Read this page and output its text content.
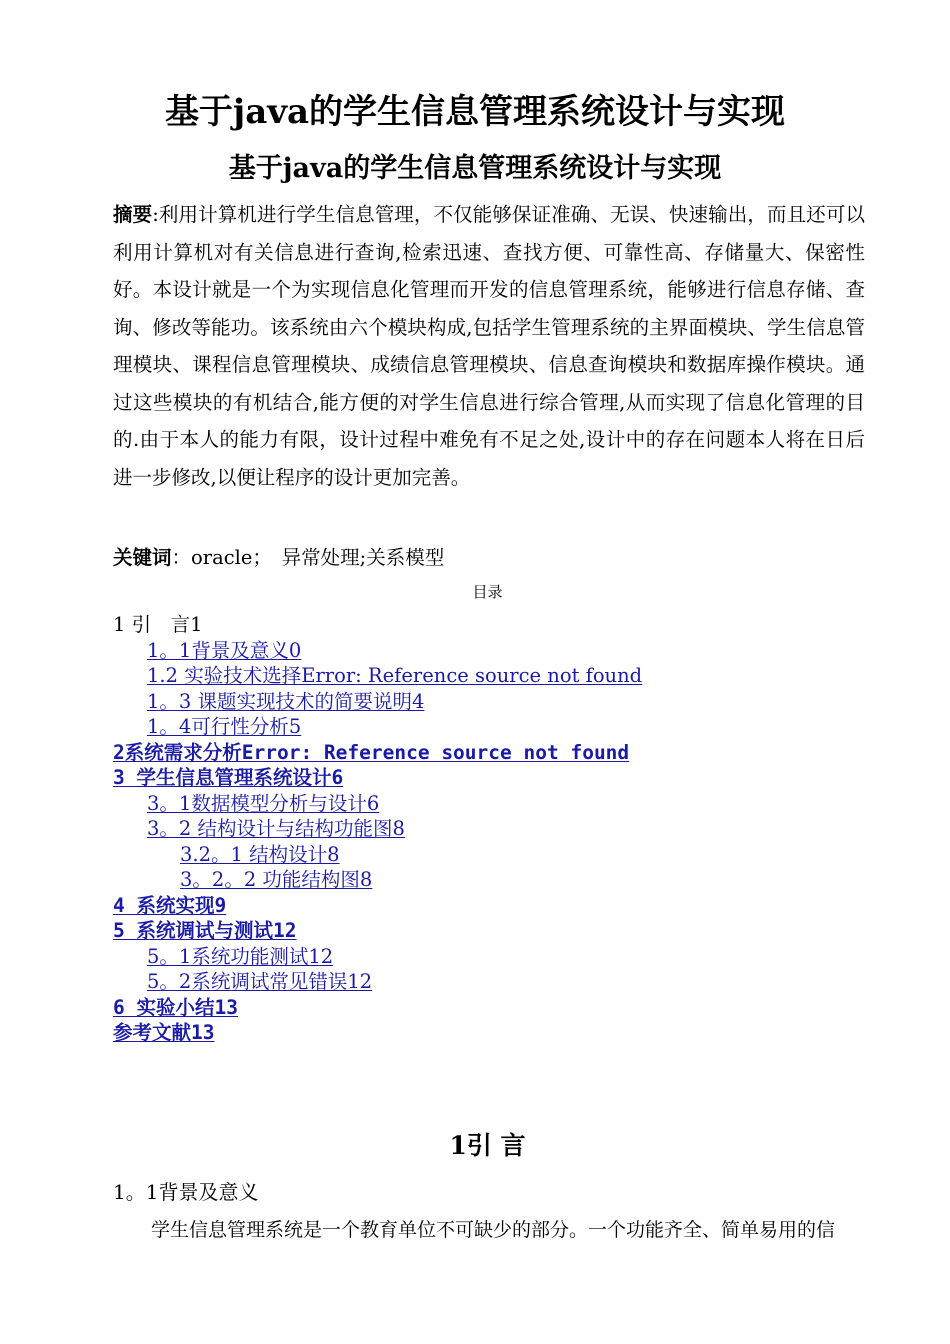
基于java的学生信息管理系统设计与实现
基于java的学生信息管理系统设计与实现
摘要:利用计算机进行学生信息管理，不仅能够保证准确、无误、快速输出，而且还可以利用计算机对有关信息进行查询,检索迅速、查找方便、可靠性高、存储量大、保密性好。本设计就是一个为实现信息化管理而开发的信息管理系统，能够进行信息存储、查询、修改等能功。该系统由六个模块构成,包括学生管理系统的主界面模块、学生信息管理模块、课程信息管理模块、成绩信息管理模块、信息查询模块和数据库操作模块。通过这些模块的有机结合,能方便的对学生信息进行综合管理,从而实现了信息化管理的目的.由于本人的能力有限，设计过程中难免有不足之处,设计中的存在问题本人将在日后进一步修改,以便让程序的设计更加完善。
关键词：oracle；　异常处理;关系模型
目录
1 引　言1
1。1背景及意义0
1.2 实验技术选择Error: Reference source not found
1。3 课题实现技术的简要说明4
1。4可行性分析5
2系统需求分析Error: Reference source not found
3 学生信息管理系统设计6
3。1数据模型分析与设计6
3。2 结构设计与结构功能图8
3.2。1 结构设计8
3。2。2 功能结构图8
4 系统实现9
5 系统调试与测试12
5。1系统功能测试12
5。2系统调试常见错误12
6 实验小结13
参考文献13
1引 言
1。1背景及意义
学生信息管理系统是一个教育单位不可缺少的部分。一个功能齐全、简单易用的信
